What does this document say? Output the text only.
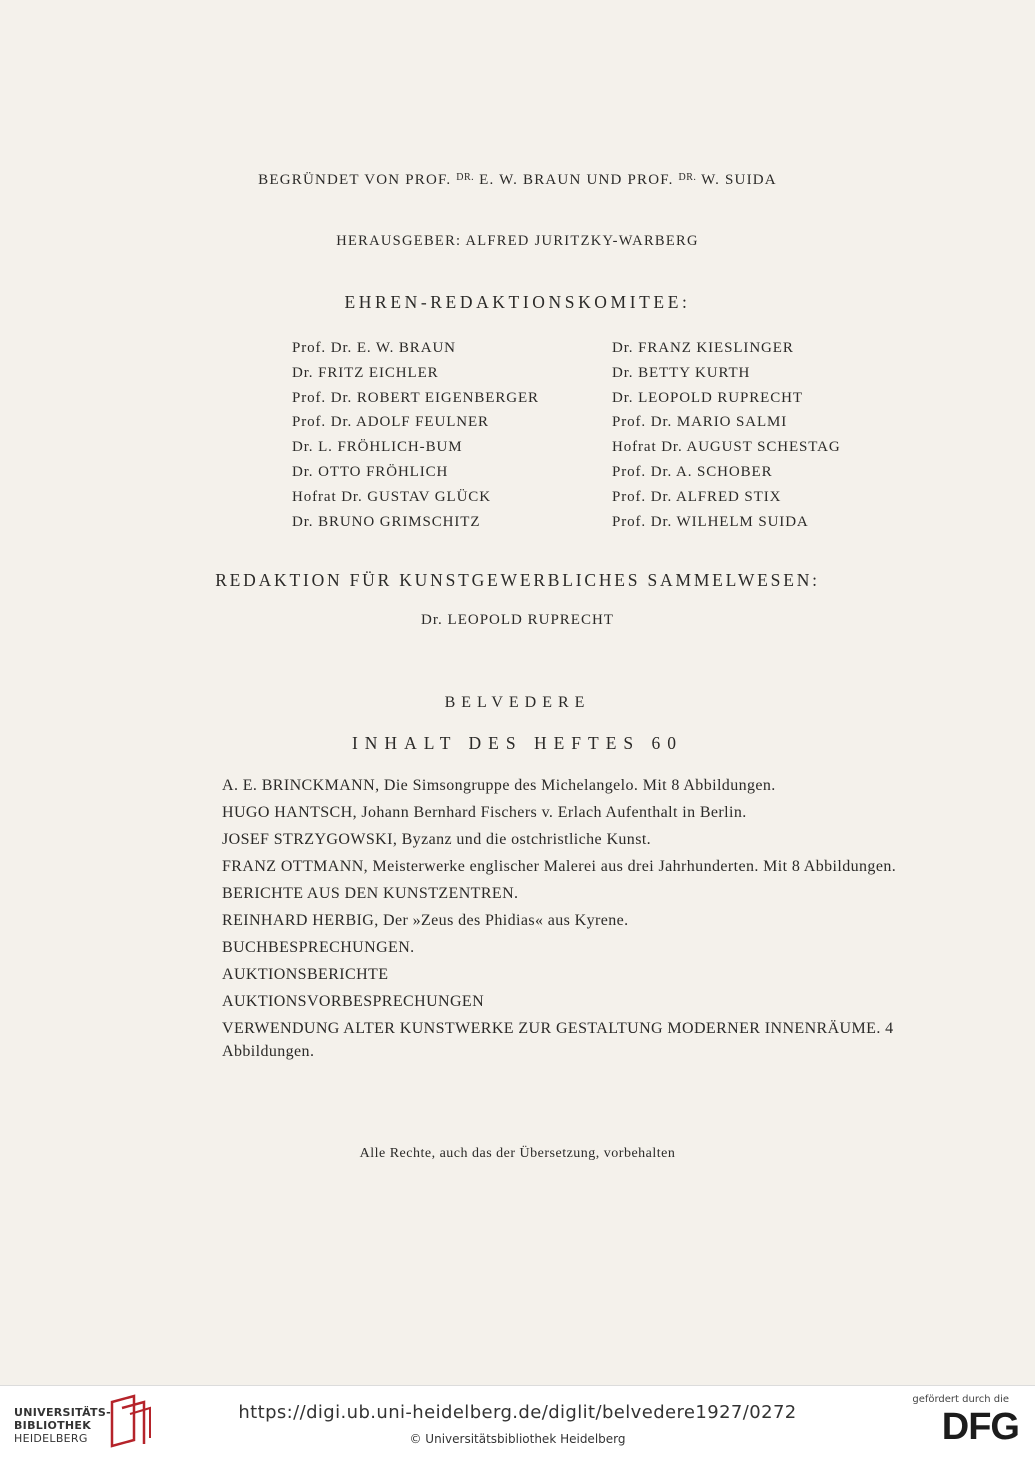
BEGRÜNDET VON PROF. $^{DR.}$ E. W. BRAUN UND PROF. $^{DR.}$ W. SUIDA
HERAUSGEBER: ALFRED JURITZKY-WARBERG
EHREN-REDAKTIONSKOMITEE:
Prof. Dr. E. W. BRAUN
Dr. FRITZ EICHLER
Prof. Dr. ROBERT EIGENBERGER
Prof. Dr. ADOLF FEULNER
Dr. L. FRÖHLICH-BUM
Dr. OTTO FRÖHLICH
Hofrat Dr. GUSTAV GLÜCK
Dr. BRUNO GRIMSCHITZ
Dr. FRANZ KIESLINGER
Dr. BETTY KURTH
Dr. LEOPOLD RUPRECHT
Prof. Dr. MARIO SALMI
Hofrat Dr. AUGUST SCHESTAG
Prof. Dr. A. SCHOBER
Prof. Dr. ALFRED STIX
Prof. Dr. WILHELM SUIDA
REDAKTION FÜR KUNSTGEWERBLICHES SAMMELWESEN:
Dr. LEOPOLD RUPRECHT
BELVEDERE
INHALT DES HEFTES 60
A. E. BRINCKMANN, Die Simsongruppe des Michelangelo. Mit 8 Abbildungen.
HUGO HANTSCH, Johann Bernhard Fischers v. Erlach Aufenthalt in Berlin.
JOSEF STRZYGOWSKI, Byzanz und die ostchristliche Kunst.
FRANZ OTTMANN, Meisterwerke englischer Malerei aus drei Jahrhunderten. Mit 8 Abbildungen.
BERICHTE AUS DEN KUNSTZENTREN.
REINHARD HERBIG, Der »Zeus des Phidias« aus Kyrene.
BUCHBESPRECHUNGEN.
AUKTIONSBERICHTE
AUKTIONSVORBESPRECHUNGEN
VERWENDUNG ALTER KUNSTWERKE ZUR GESTALTUNG MODERNER INNENRÄUME. 4 Abbildungen.
Alle Rechte, auch das der Übersetzung, vorbehalten
UNIVERSITÄTS-
BIBLIOTHEK
HEIDELBERG
https://digi.ub.uni-heidelberg.de/diglit/belvedere1927/0272
© Universitätsbibliothek Heidelberg
gefördert durch die
DFG
